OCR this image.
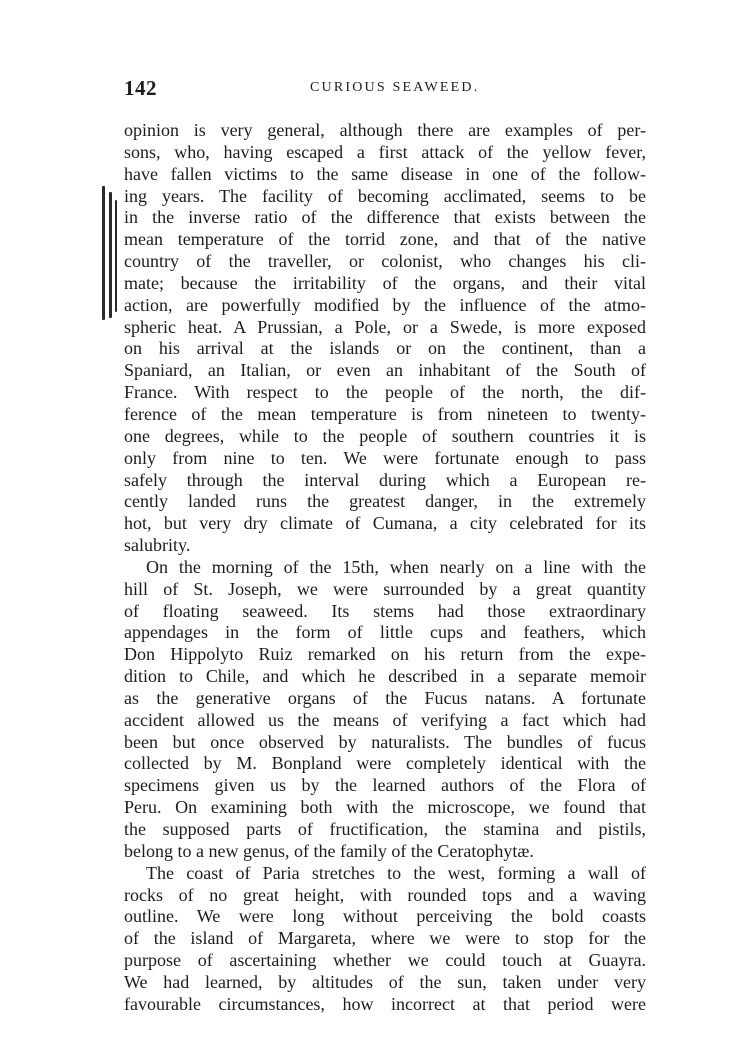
142	CURIOUS SEAWEED.
opinion is very general, although there are examples of per-
sons, who, having escaped a first attack of the yellow fever,
have fallen victims to the same disease in one of the follow-
ing years. The facility of becoming acclimated, seems to be
in the inverse ratio of the difference that exists between the
mean temperature of the torrid zone, and that of the native
country of the traveller, or colonist, who changes his cli-
mate; because the irritability of the organs, and their vital
action, are powerfully modified by the influence of the atmo-
spheric heat. A Prussian, a Pole, or a Swede, is more exposed
on his arrival at the islands or on the continent, than a
Spaniard, an Italian, or even an inhabitant of the South of
France. With respect to the people of the north, the dif-
ference of the mean temperature is from nineteen to twenty-
one degrees, while to the people of southern countries it is
only from nine to ten. We were fortunate enough to pass
safely through the interval during which a European re-
cently landed runs the greatest danger, in the extremely
hot, but very dry climate of Cumana, a city celebrated for its
salubrity.
On the morning of the 15th, when nearly on a line with the
hill of St. Joseph, we were surrounded by a great quantity
of floating seaweed. Its stems had those extraordinary
appendages in the form of little cups and feathers, which
Don Hippolyto Ruiz remarked on his return from the expe-
dition to Chile, and which he described in a separate memoir
as the generative organs of the Fucus natans. A fortunate
accident allowed us the means of verifying a fact which had
been but once observed by naturalists. The bundles of fucus
collected by M. Bonpland were completely identical with the
specimens given us by the learned authors of the Flora of
Peru. On examining both with the microscope, we found that
the supposed parts of fructification, the stamina and pistils,
belong to a new genus, of the family of the Ceratophytæ.
The coast of Paria stretches to the west, forming a wall of
rocks of no great height, with rounded tops and a waving
outline. We were long without perceiving the bold coasts
of the island of Margareta, where we were to stop for the
purpose of ascertaining whether we could touch at Guayra.
We had learned, by altitudes of the sun, taken under very
favourable circumstances, how incorrect at that period were
